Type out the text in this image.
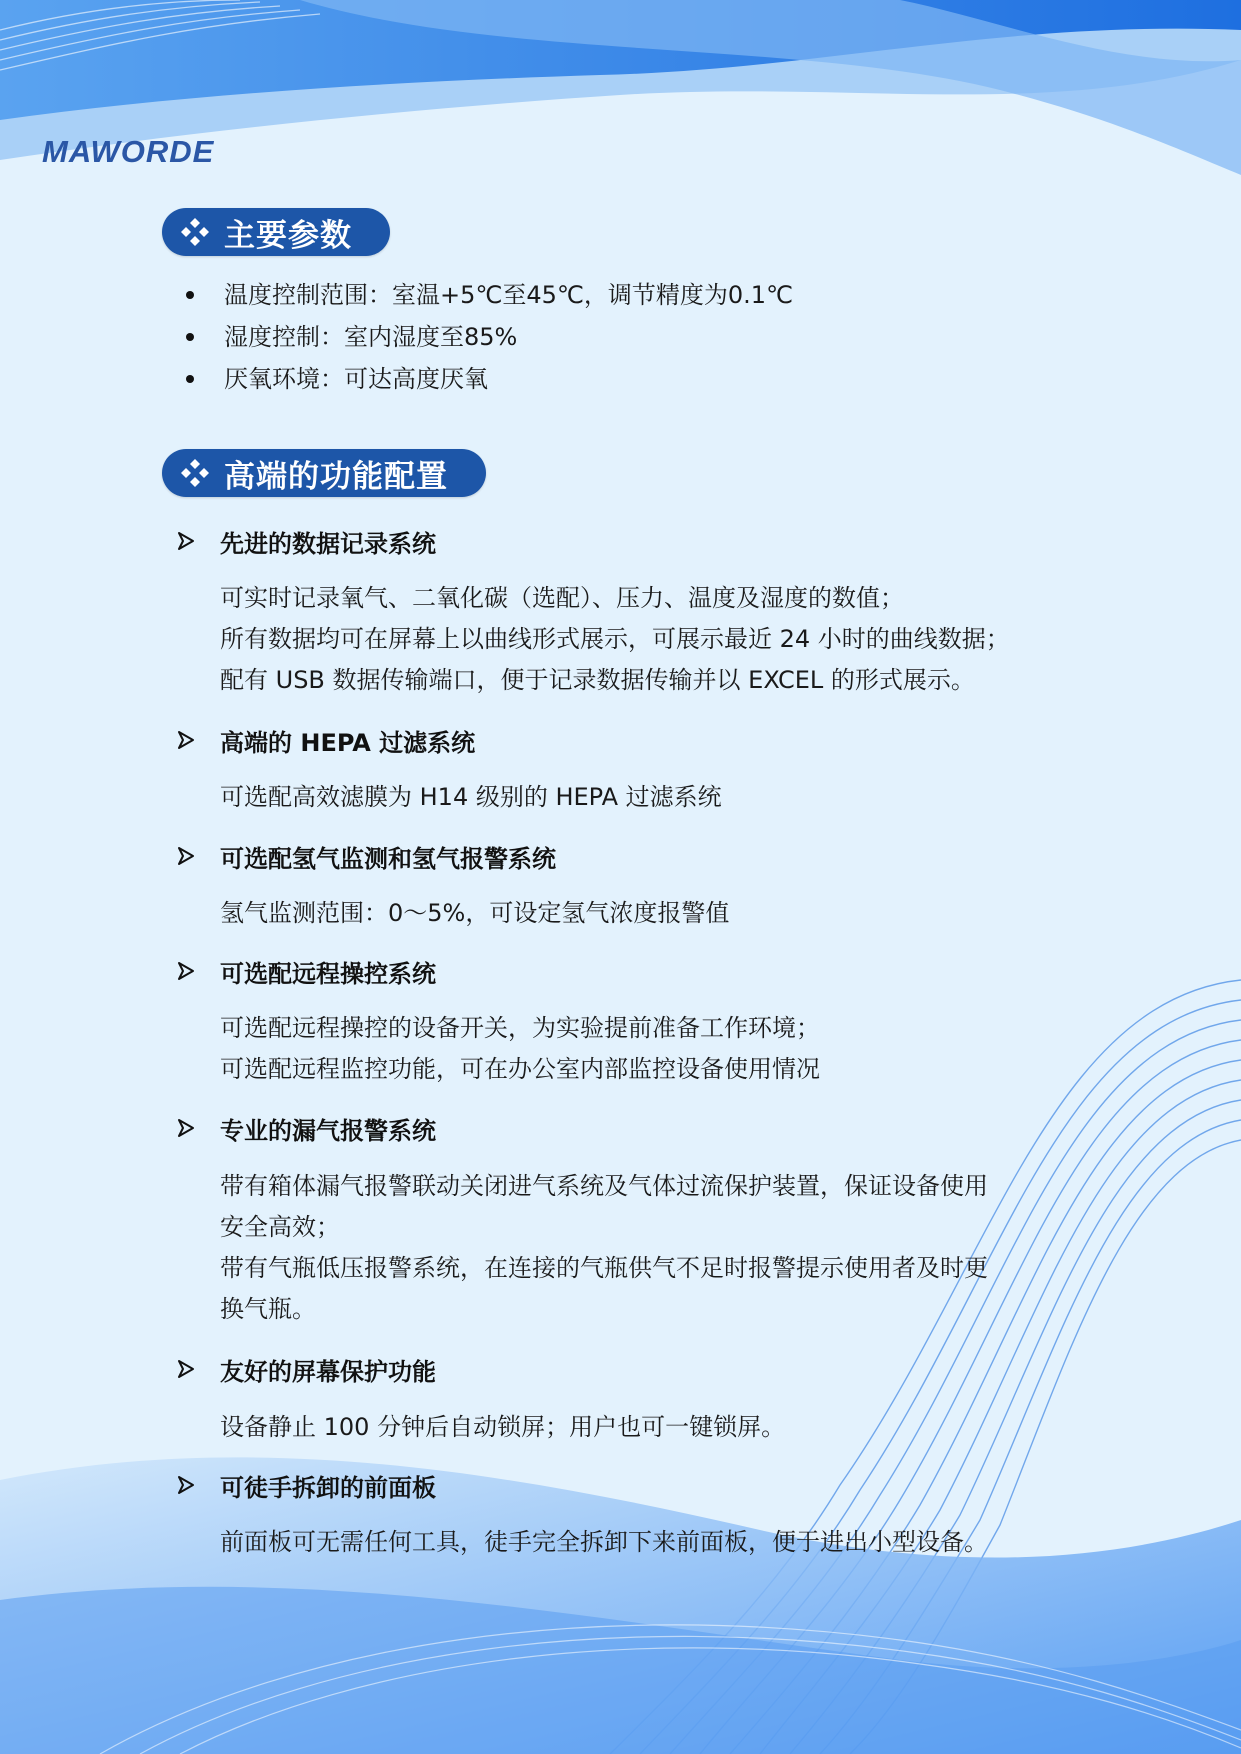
MAWORDE
主要参数
温度控制范围：室温+5℃至45℃，调节精度为0.1℃
湿度控制：室内湿度至85%
厌氧环境：可达高度厌氧
高端的功能配置
先进的数据记录系统

可实时记录氧气、二氧化碳（选配）、压力、温度及湿度的数值；
所有数据均可在屏幕上以曲线形式展示，可展示最近 24 小时的曲线数据；
配有 USB 数据传输端口，便于记录数据传输并以 EXCEL 的形式展示。

高端的 HEPA 过滤系统

可选配高效滤膜为 H14 级别的 HEPA 过滤系统

可选配氢气监测和氢气报警系统

氢气监测范围：0～5%，可设定氢气浓度报警值

可选配远程操控系统

可选配远程操控的设备开关，为实验提前准备工作环境；
可选配远程监控功能，可在办公室内部监控设备使用情况

专业的漏气报警系统

带有箱体漏气报警联动关闭进气系统及气体过流保护装置，保证设备使用
安全高效；
带有气瓶低压报警系统，在连接的气瓶供气不足时报警提示使用者及时更
换气瓶。

友好的屏幕保护功能

设备静止 100 分钟后自动锁屏；用户也可一键锁屏。

可徒手拆卸的前面板

前面板可无需任何工具，徒手完全拆卸下来前面板，便于进出小型设备。
